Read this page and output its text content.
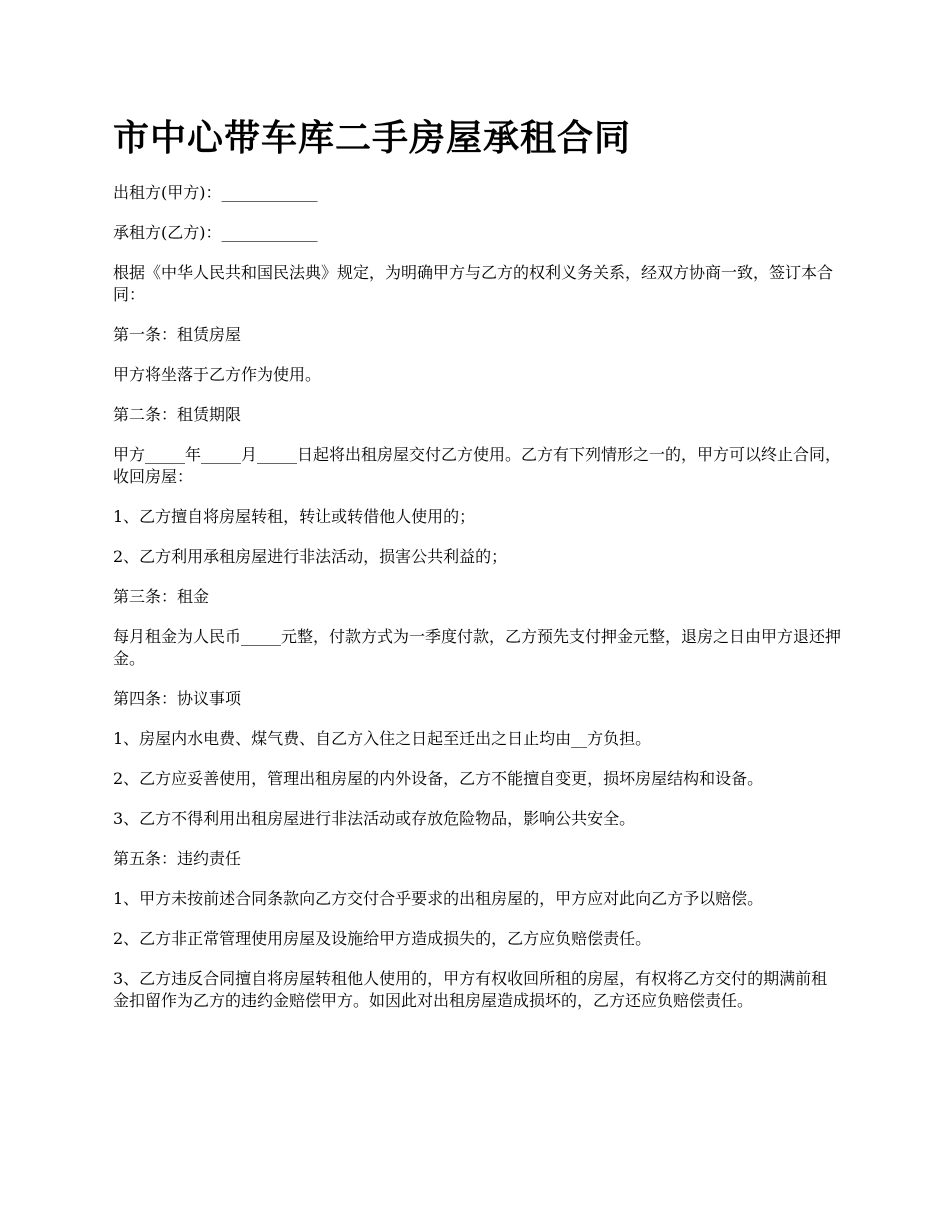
市中心带车库二手房屋承租合同

出租方(甲方)：____________

承租方(乙方)：____________

根据《中华人民共和国民法典》规定，为明确甲方与乙方的权利义务关系，经双方协商一致，签订本合同：

第一条：租赁房屋

甲方将坐落于乙方作为使用。

第二条：租赁期限

甲方_____年_____月_____日起将出租房屋交付乙方使用。乙方有下列情形之一的，甲方可以终止合同，收回房屋：

1、乙方擅自将房屋转租，转让或转借他人使用的；

2、乙方利用承租房屋进行非法活动，损害公共利益的；

第三条：租金

每月租金为人民币_____元整，付款方式为一季度付款，乙方预先支付押金元整，退房之日由甲方退还押金。

第四条：协议事项

1、房屋内水电费、煤气费、自乙方入住之日起至迁出之日止均由__方负担。

2、乙方应妥善使用，管理出租房屋的内外设备，乙方不能擅自变更，损坏房屋结构和设备。

3、乙方不得利用出租房屋进行非法活动或存放危险物品，影响公共安全。

第五条：违约责任

1、甲方未按前述合同条款向乙方交付合乎要求的出租房屋的，甲方应对此向乙方予以赔偿。

2、乙方非正常管理使用房屋及设施给甲方造成损失的，乙方应负赔偿责任。

3、乙方违反合同擅自将房屋转租他人使用的，甲方有权收回所租的房屋，有权将乙方交付的期满前租金扣留作为乙方的违约金赔偿甲方。如因此对出租房屋造成损坏的，乙方还应负赔偿责任。
